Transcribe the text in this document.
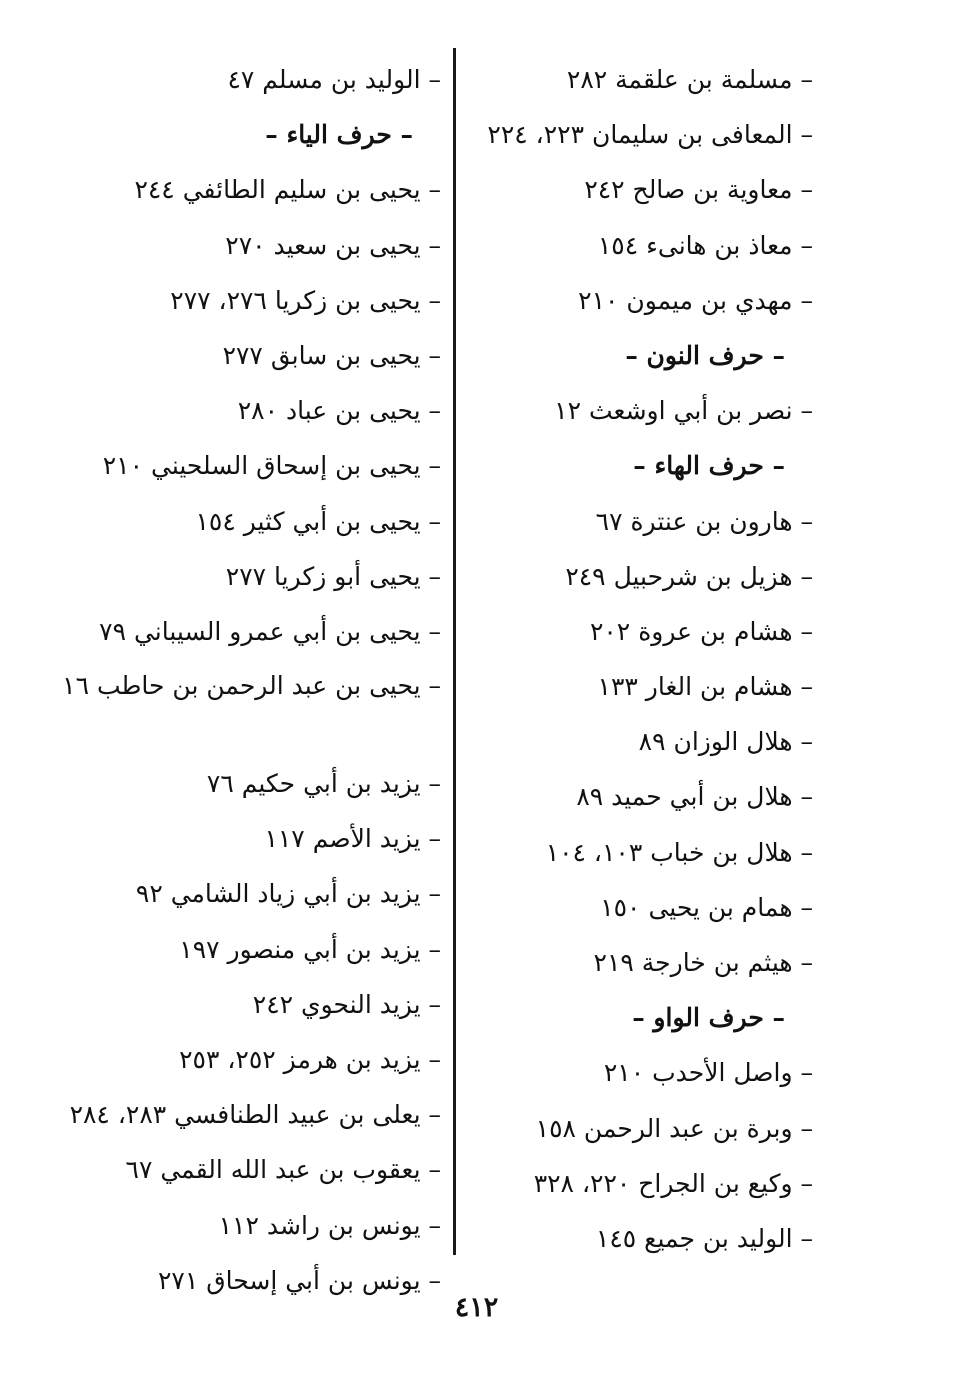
– مسلمة بن علقمة ٢٨٢
– المعافى بن سليمان ٢٢٣، ٢٢٤
– معاوية بن صالح ٢٤٢
– معاذ بن هانىء ١٥٤
– مهدي بن ميمون ٢١٠
– حرف النون –
– نصر بن أبي اوشعث ١٢
– حرف الهاء –
– هارون بن عنترة ٦٧
– هزيل بن شرحبيل ٢٤٩
– هشام بن عروة ٢٠٢
– هشام بن الغار ١٣٣
– هلال الوزان ٨٩
– هلال بن أبي حميد ٨٩
– هلال بن خباب ١٠٣، ١٠٤
– همام بن يحيى ١٥٠
– هيثم بن خارجة ٢١٩
– حرف الواو –
– واصل الأحدب ٢١٠
– وبرة بن عبد الرحمن ١٥٨
– وكيع بن الجراح ٢٢٠، ٣٢٨
– الوليد بن جميع ١٤٥
– الوليد بن مسلم ٤٧
– حرف الياء –
– يحيى بن سليم الطائفي ٢٤٤
– يحيى بن سعيد ٢٧٠
– يحيى بن زكريا ٢٧٦، ٢٧٧
– يحيى بن سابق ٢٧٧
– يحيى بن عباد ٢٨٠
– يحيى بن إسحاق السلحيني ٢١٠
– يحيى بن أبي كثير ١٥٤
– يحيى أبو زكريا ٢٧٧
– يحيى بن أبي عمرو السيباني ٧٩
– يحيى بن عبد الرحمن بن حاطب ١٦
– يزيد بن أبي حكيم ٧٦
– يزيد الأصم ١١٧
– يزيد بن أبي زياد الشامي ٩٢
– يزيد بن أبي منصور ١٩٧
– يزيد النحوي ٢٤٢
– يزيد بن هرمز ٢٥٢، ٢٥٣
– يعلى بن عبيد الطنافسي ٢٨٣، ٢٨٤
– يعقوب بن عبد الله القمي ٦٧
– يونس بن راشد ١١٢
– يونس بن أبي إسحاق ٢٧١
٤١٢
